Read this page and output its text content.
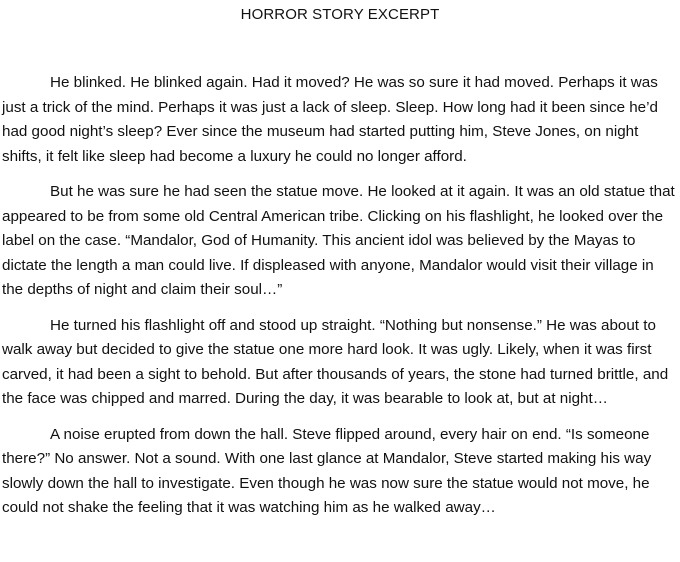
HORROR STORY EXCERPT

He blinked. He blinked again. Had it moved? He was so sure it had moved. Perhaps it was just a trick of the mind. Perhaps it was just a lack of sleep. Sleep. How long had it been since he’d had good night’s sleep? Ever since the museum had started putting him, Steve Jones, on night shifts, it felt like sleep had become a luxury he could no longer afford.

But he was sure he had seen the statue move. He looked at it again. It was an old statue that appeared to be from some old Central American tribe. Clicking on his flashlight, he looked over the label on the case. “Mandalor, God of Humanity. This ancient idol was believed by the Mayas to dictate the length a man could live. If displeased with anyone, Mandalor would visit their village in the depths of night and claim their soul…”

He turned his flashlight off and stood up straight. “Nothing but nonsense.” He was about to walk away but decided to give the statue one more hard look. It was ugly. Likely, when it was first carved, it had been a sight to behold. But after thousands of years, the stone had turned brittle, and the face was chipped and marred. During the day, it was bearable to look at, but at night…

A noise erupted from down the hall. Steve flipped around, every hair on end. “Is someone there?” No answer. Not a sound. With one last glance at Mandalor, Steve started making his way slowly down the hall to investigate. Even though he was now sure the statue would not move, he could not shake the feeling that it was watching him as he walked away…
